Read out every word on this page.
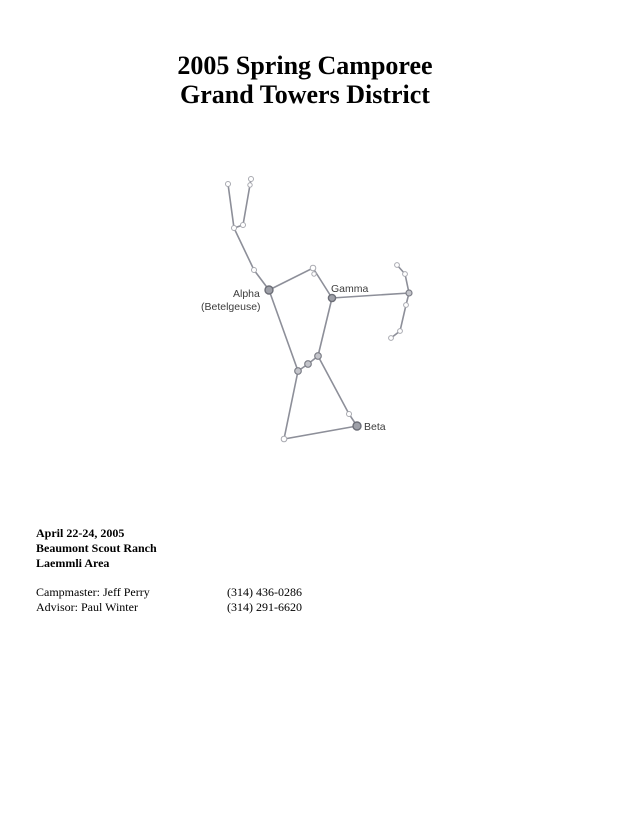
2005 Spring Camporee
Grand Towers District
Alpha
(Betelgeuse)
Gamma
Beta
April 22-24, 2005
Beaumont Scout Ranch
Laemmli Area
Campmaster: Jeff Perry	(314) 436-0286
Advisor: Paul Winter	(314) 291-6620
